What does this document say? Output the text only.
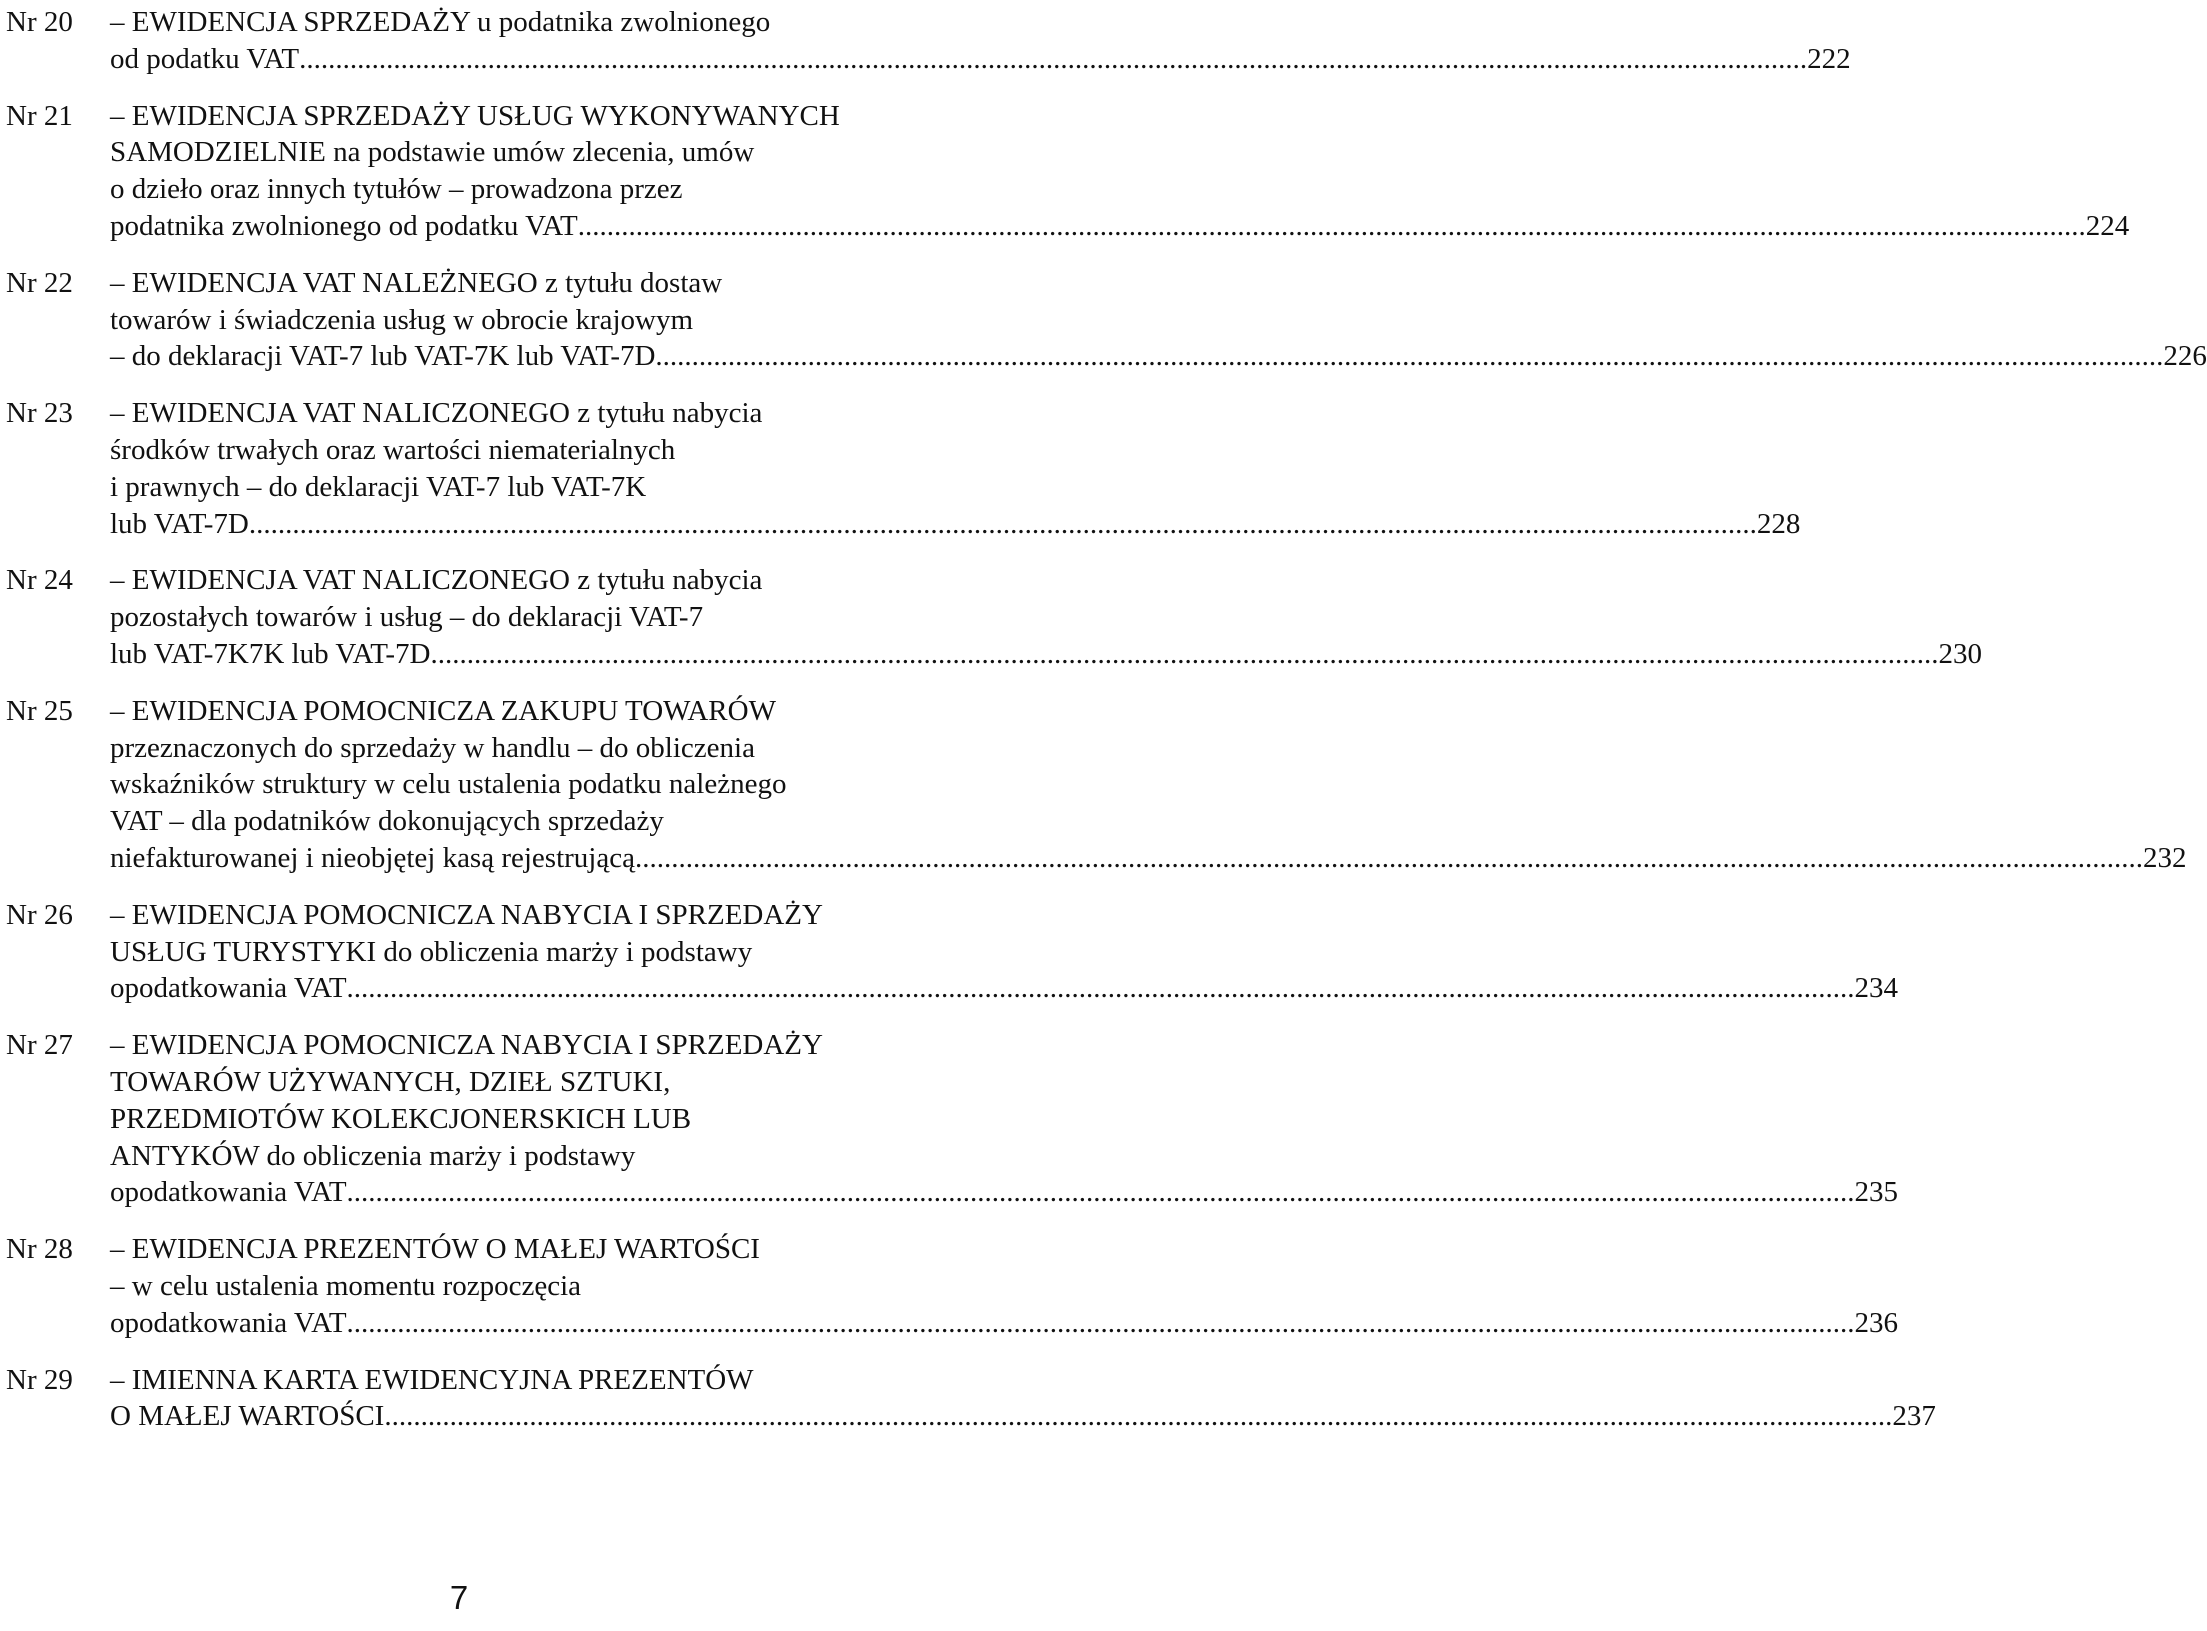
Nr 20	– EWIDENCJA SPRZEDAŻY u podatnika zwolnionego
od podatku VAT .....	222
Nr 21	– EWIDENCJA SPRZEDAŻY USŁUG WYKONYWANYCH
SAMODZIELNIE na podstawie umów zlecenia, umów
o dzieło oraz innych tytułów – prowadzona przez
podatnika zwolnionego od podatku VAT .....	224
Nr 22	– EWIDENCJA VAT NALEŻNEGO z tytułu dostaw
towarów i świadczenia usług w obrocie krajowym
– do deklaracji VAT-7 lub VAT-7K lub VAT-7D .....	226
Nr 23	– EWIDENCJA VAT NALICZONEGO z tytułu nabycia
środków trwałych oraz wartości niematerialnych
i prawnych – do deklaracji VAT-7 lub VAT-7K
lub VAT-7D .....	228
Nr 24	– EWIDENCJA VAT NALICZONEGO z tytułu nabycia
pozostałych towarów i usług – do deklaracji VAT-7
lub VAT-7K7K lub VAT-7D .....	230
Nr 25	– EWIDENCJA POMOCNICZA ZAKUPU TOWARÓW
przeznaczonych do sprzedaży w handlu – do obliczenia
wskaźników struktury w celu ustalenia podatku należnego
VAT – dla podatników dokonujących sprzedaży
niefakturowanej i nieobjętej kasą rejestrującą .....	232
Nr 26	– EWIDENCJA POMOCNICZA NABYCIA I SPRZEDAŻY
USŁUG TURYSTYKI do obliczenia marży i podstawy
opodatkowania VAT .....	234
Nr 27	– EWIDENCJA POMOCNICZA NABYCIA I SPRZEDAŻY
TOWARÓW UŻYWANYCH, DZIEŁ SZTUKI,
PRZEDMIOTÓW KOLEKCJONERSKICH LUB
ANTYKÓW do obliczenia marży i podstawy
opodatkowania VAT .....	235
Nr 28	– EWIDENCJA PREZENTÓW O MAŁEJ WARTOŚCI
– w celu ustalenia momentu rozpoczęcia
opodatkowania VAT .....	236
Nr 29	– IMIENNA KARTA EWIDENCYJNA PREZENTÓW
O MAŁEJ WARTOŚCI .....	237
7
